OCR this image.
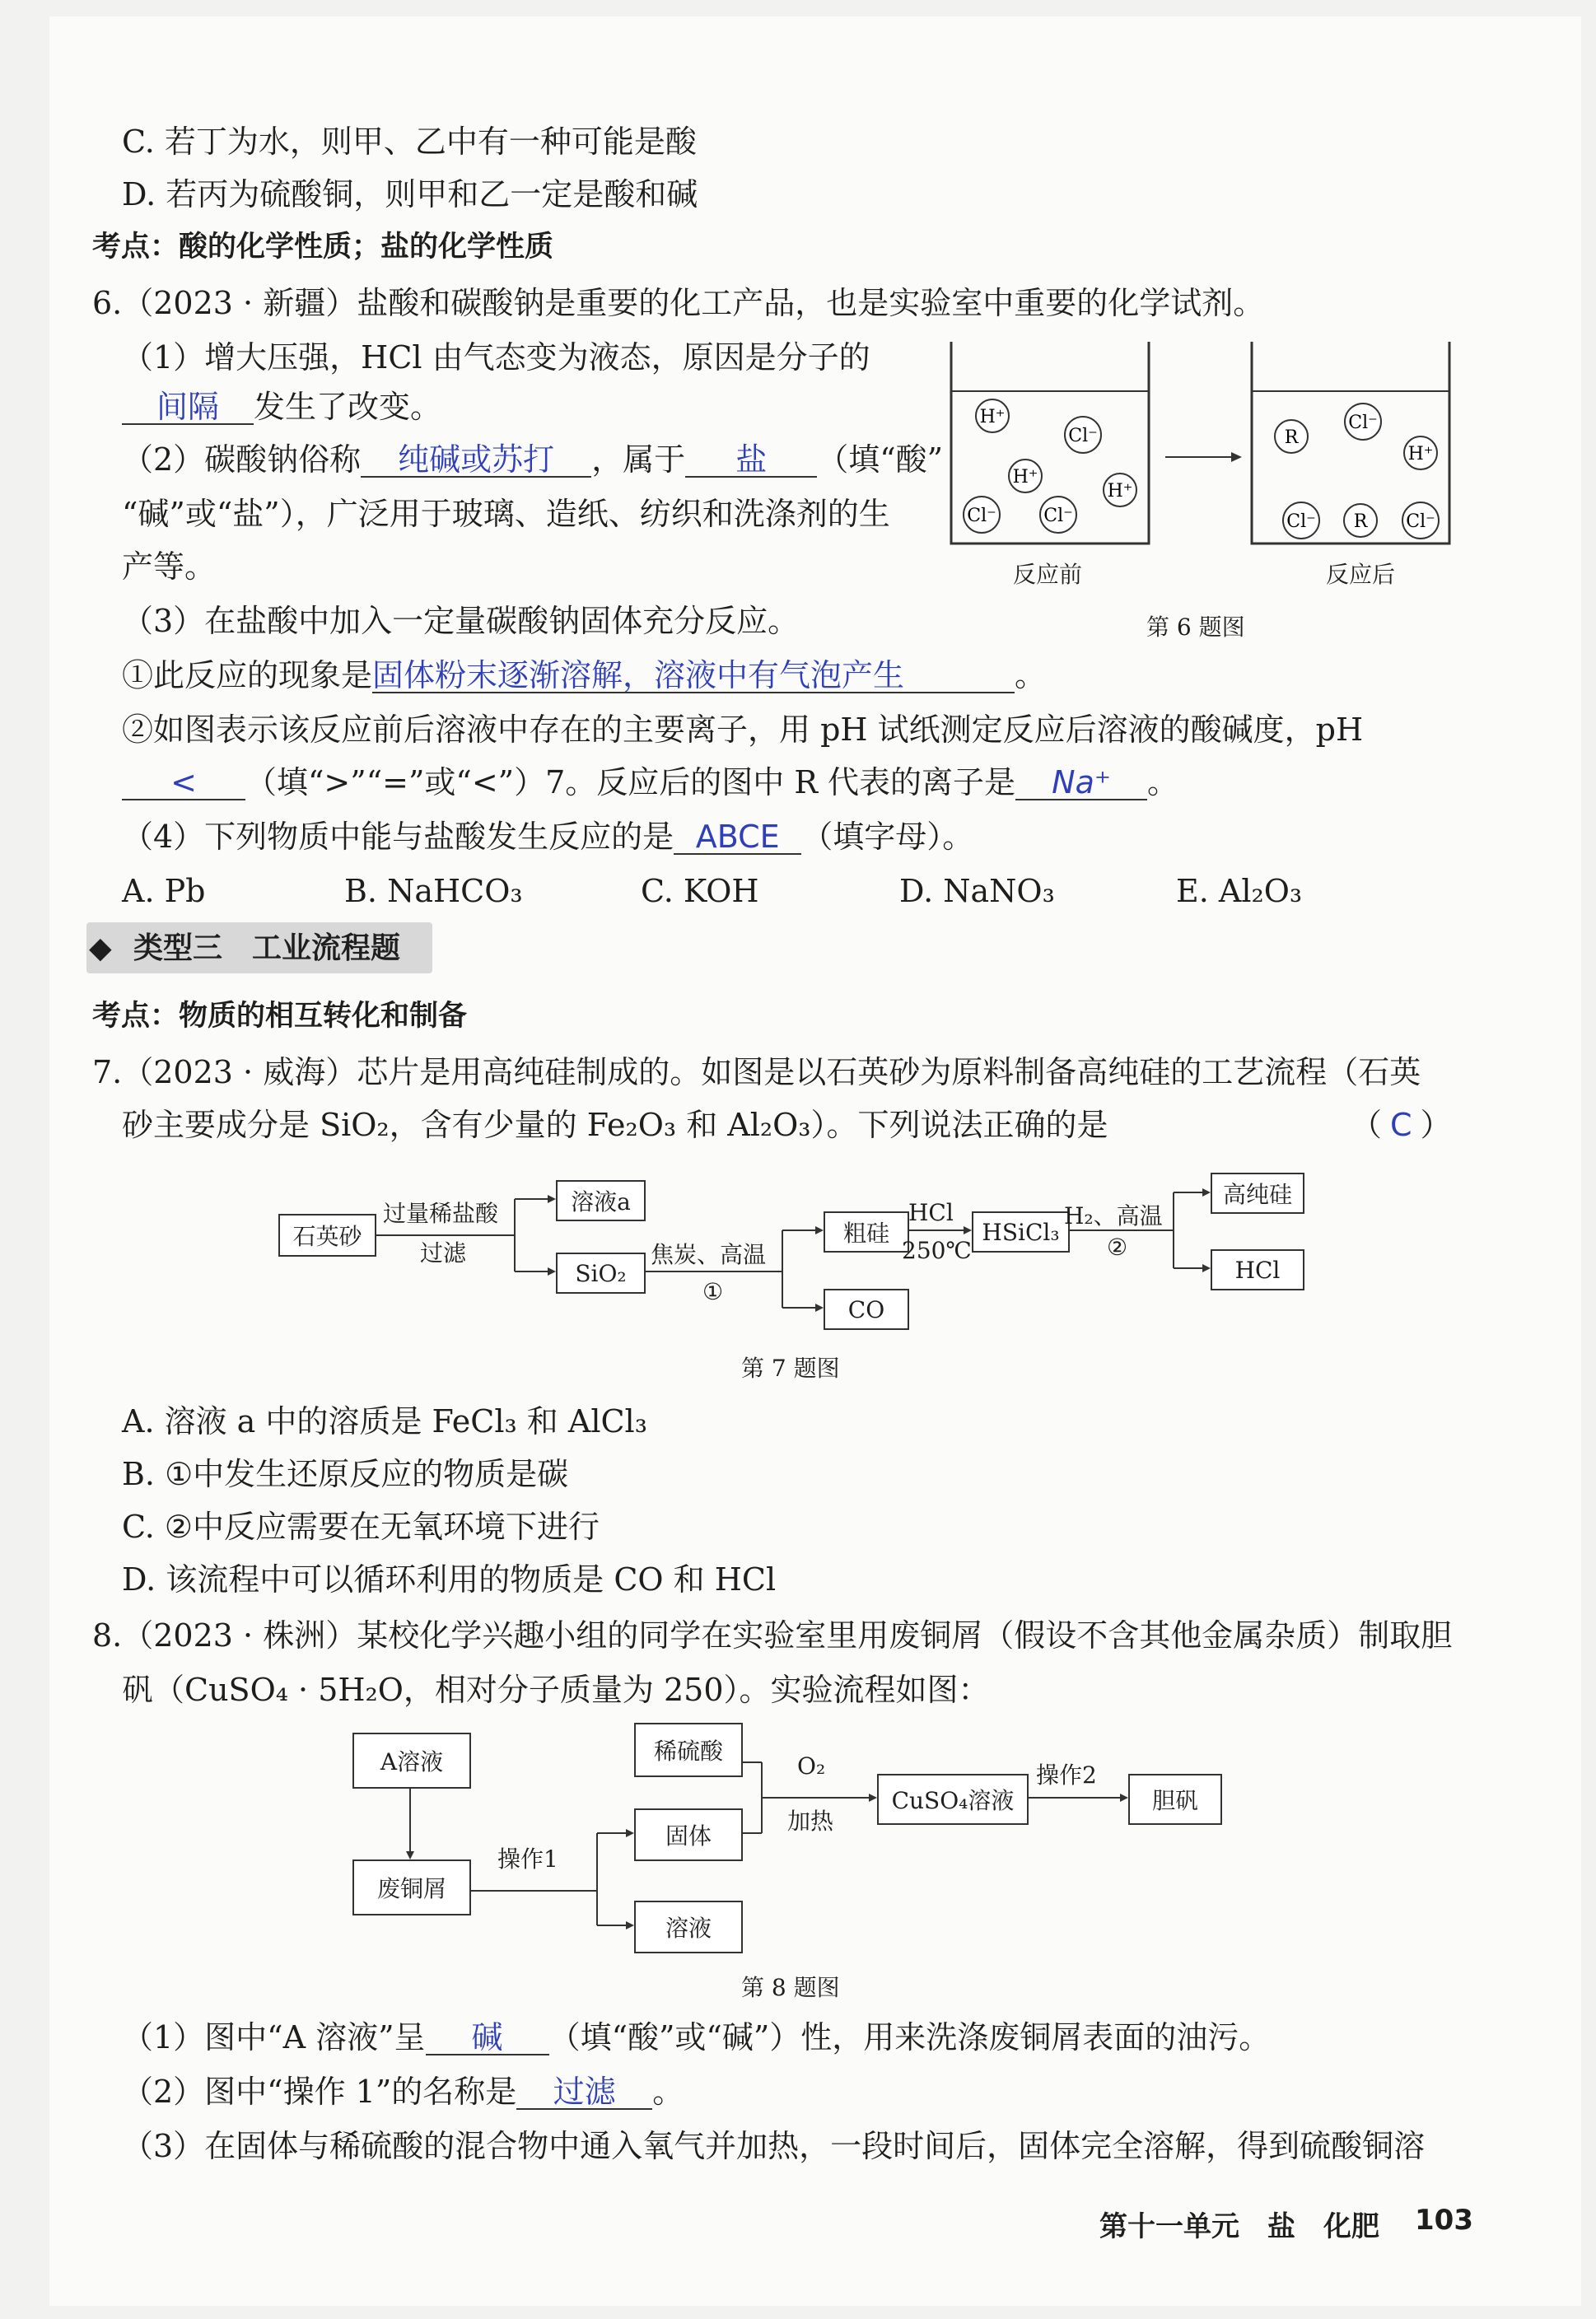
C. 若丁为水，则甲、乙中有一种可能是酸
D. 若丙为硫酸铜，则甲和乙一定是酸和碱
考点：酸的化学性质；盐的化学性质
6.（2023 · 新疆）盐酸和碳酸钠是重要的化工产品，也是实验室中重要的化学试剂。
（1）增大压强，HCl 由气态变为液态，原因是分子的
间隔 发生了改变。
（2）碳酸钠俗称 纯碱或苏打 ，属于 盐 （填“酸”
“碱”或“盐”），广泛用于玻璃、造纸、纺织和洗涤剂的生
产等。
（3）在盐酸中加入一定量碳酸钠固体充分反应。
H⁺
Cl⁻
H⁺
H⁺
Cl⁻	Cl⁻
R
Cl⁻
H⁺
Cl⁻ R Cl⁻
反应前	反应后
第 6 题图
①此反应的现象是固体粉末逐渐溶解，溶液中有气泡产生	。
②如图表示该反应前后溶液中存在的主要离子，用 pH 试纸测定反应后溶液的酸碱度，pH
< （填“>”“=”或“<”）7。反应后的图中 R 代表的离子是 Na⁺ 。
（4）下列物质中能与盐酸发生反应的是 ABCE （填字母）。
A. Pb	B. NaHCO₃	C. KOH	D. NaNO₃	E. Al₂O₃
◆ 类型三　工业流程题
考点：物质的相互转化和制备
7.（2023 · 威海）芯片是用高纯硅制成的。如图是以石英砂为原料制备高纯硅的工艺流程（石英
砂主要成分是 SiO₂，含有少量的 Fe₂O₃ 和 Al₂O₃）。下列说法正确的是	（ C ）
石英砂
过量稀盐酸
过滤
溶液a
SiO₂
焦炭、高温
①
粗硅
CO
HCl
250℃
HSiCl₃
H₂、高温
②
高纯硅
HCl
第 7 题图
A. 溶液 a 中的溶质是 FeCl₃ 和 AlCl₃
B. ①中发生还原反应的物质是碳
C. ②中反应需要在无氧环境下进行
D. 该流程中可以循环利用的物质是 CO 和 HCl
8.（2023 · 株洲）某校化学兴趣小组的同学在实验室里用废铜屑（假设不含其他金属杂质）制取胆
矾（CuSO₄ · 5H₂O，相对分子质量为 250）。实验流程如图：
A溶液
废铜屑
操作1
稀硫酸
固体
溶液
O₂
加热
CuSO₄溶液
操作2
胆矾
第 8 题图
（1）图中“A 溶液”呈 碱 （填“酸”或“碱”）性，用来洗涤废铜屑表面的油污。
（2）图中“操作 1”的名称是 过滤 。
（3）在固体与稀硫酸的混合物中通入氧气并加热，一段时间后，固体完全溶解，得到硫酸铜溶
第十一单元　盐　化肥 103
